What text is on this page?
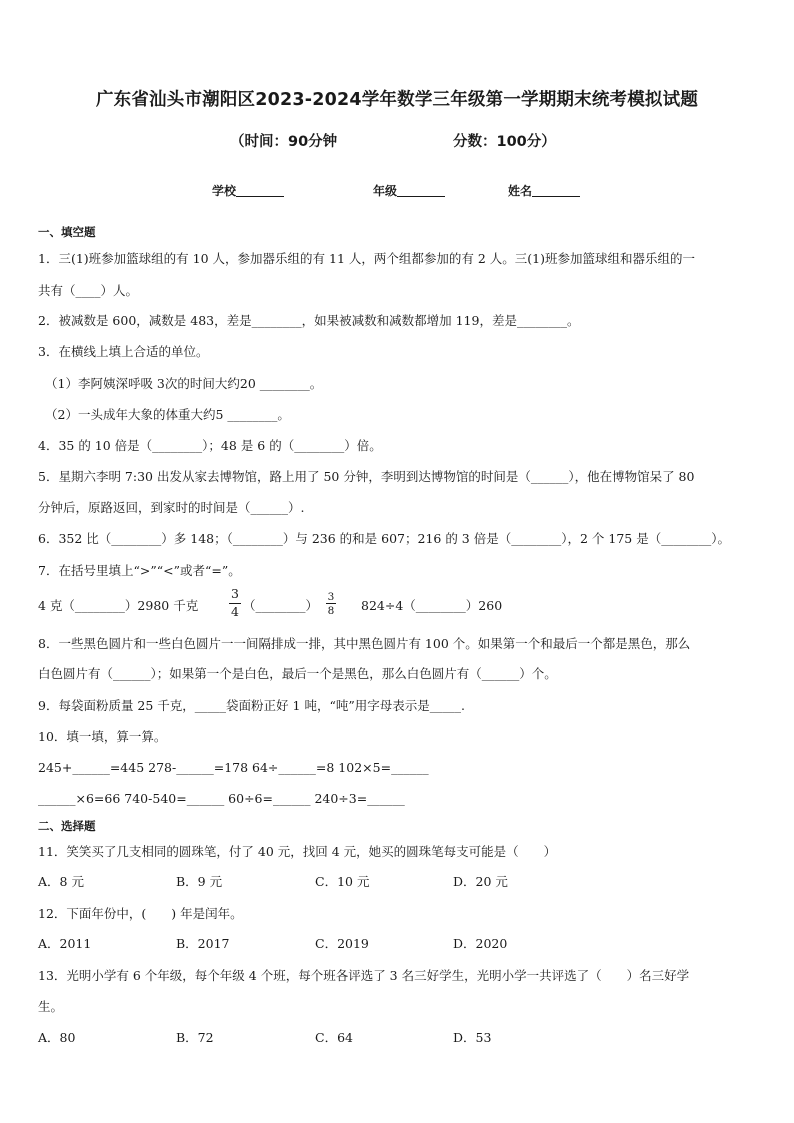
广东省汕头市潮阳区2023-2024学年数学三年级第一学期期末统考模拟试题
（时间：90分钟	分数：100分）
学校	年级	姓名
一、填空题
1．三(1)班参加篮球组的有 10 人，参加器乐组的有 11 人，两个组都参加的有 2 人。三(1)班参加篮球组和器乐组的一
共有（____）人。
2．被减数是 600，减数是 483，差是________，如果被减数和减数都增加 119，差是________。
3．在横线上填上合适的单位。
（1）李阿姨深呼吸 3次的时间大约20 ________。
（2）一头成年大象的体重大约5 ________。
4．35 的 10 倍是（________）；48 是 6 的（________）倍。
5．星期六李明 7:30 出发从家去博物馆，路上用了 50 分钟，李明到达博物馆的时间是（______），他在博物馆呆了 80
分钟后，原路返回，到家时的时间是（______）.
6．352 比（________）多 148；（________）与 236 的和是 607；216 的 3 倍是（________），2 个 175 是（________）。
7．在括号里填上“>”“<”或者“=”。
4 克（________）2980 千克
3
4 （________）
3
8 824÷4（________）260
8．一些黑色圆片和一些白色圆片一一间隔排成一排，其中黑色圆片有 100 个。如果第一个和最后一个都是黑色，那么
白色圆片有（______）；如果第一个是白色，最后一个是黑色，那么白色圆片有（______）个。
9．每袋面粉质量 25 千克，_____袋面粉正好 1 吨，“吨”用字母表示是_____.
10．填一填，算一算。
245+______=445 278-______=178 64÷______=8 102×5=______
______×6=66 740-540=______ 60÷6=______ 240÷3=______
二、选择题
11．笑笑买了几支相同的圆珠笔，付了 40 元，找回 4 元，她买的圆珠笔每支可能是（　　）
A．8 元	B．9 元	C．10 元	D．20 元
12．下面年份中，(　　) 年是闰年。
A．2011	B．2017	C．2019	D．2020
13．光明小学有 6 个年级，每个年级 4 个班，每个班各评选了 3 名三好学生，光明小学一共评选了（　　）名三好学
生。
A．80	B．72	C．64	D．53
